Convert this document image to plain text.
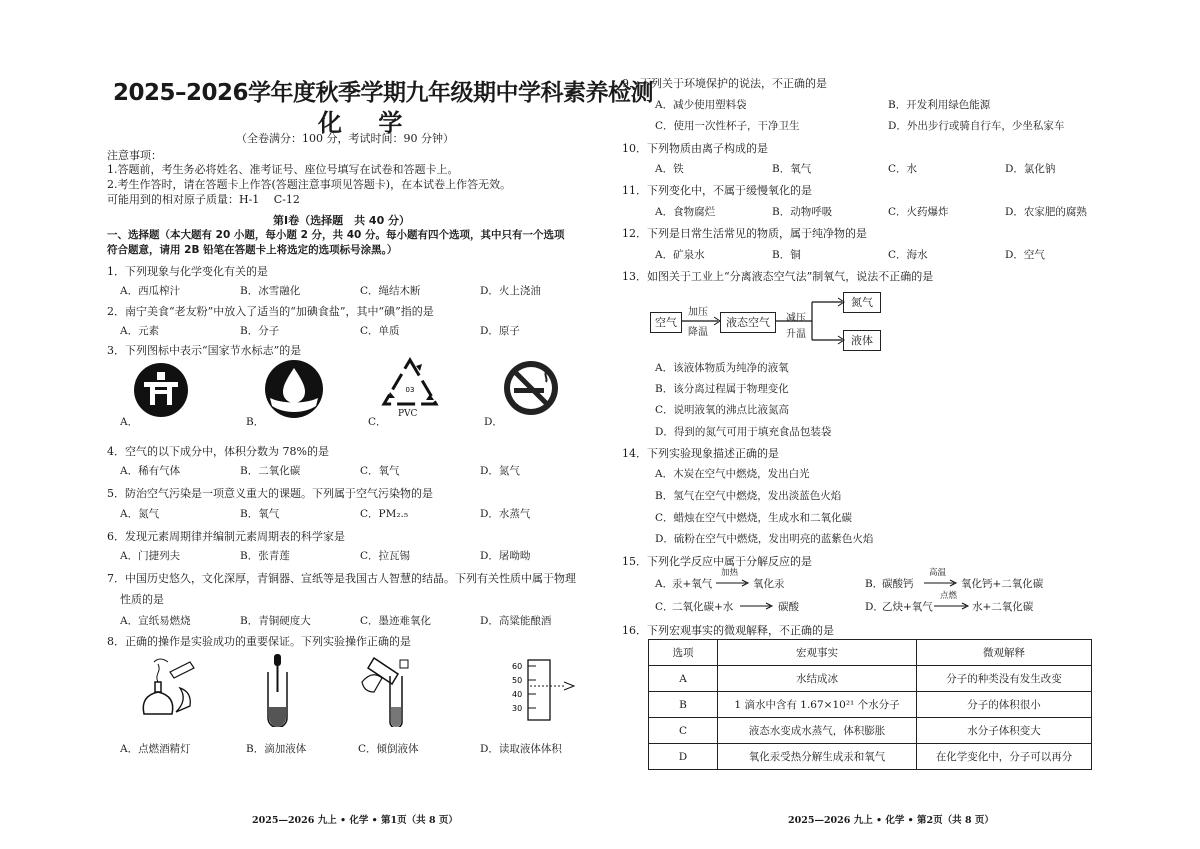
2025–2026学年度秋季学期九年级期中学科素养检测
化 学
（全卷满分：100 分，考试时间：90 分钟）
注意事项：
1.答题前，考生务必将姓名、准考证号、座位号填写在试卷和答题卡上。
2.考生作答时，请在答题卡上作答(答题注意事项见答题卡)，在本试卷上作答无效。
可能用到的相对原子质量：H-1　 C-12
第Ⅰ卷（选择题　共 40 分）
一、选择题（本大题有 20 小题，每小题 2 分，共 40 分。每小题有四个选项，其中只有一个选项
符合题意，请用 2B 铅笔在答题卡上将选定的选项标号涂黑。）
1．下列现象与化学变化有关的是
A．西瓜榨汁	B．冰雪融化	C．绳结木断	D．火上浇油
2．南宁美食“老友粉”中放入了适当的“加碘食盐”，其中“碘”指的是
A．元素	B．分子	C．单质	D．原子
3．下列图标中表示“国家节水标志”的是
A．	B．
03
PVC
C．	D．
4．空气的以下成分中，体积分数为 78%的是
A．稀有气体	B．二氧化碳	C．氧气	D．氮气
5．防治空气污染是一项意义重大的课题。下列属于空气污染物的是
A．氮气	B．氧气	C．PM₂.₅	D．水蒸气
6．发现元素周期律并编制元素周期表的科学家是
A．门捷列夫	B．张青莲	C．拉瓦锡	D．屠呦呦
7．中国历史悠久，文化深厚，青铜器、宣纸等是我国古人智慧的结晶。下列有关性质中属于物理
性质的是
A．宣纸易燃烧	B．青铜硬度大	C．墨迹难氧化	D．高粱能酿酒
8．正确的操作是实验成功的重要保证。下列实验操作正确的是
A．点燃酒精灯	B．滴加液体	C．倾倒液体
60
50
40
30
D．读取液体体积
2025—2026 九上 • 化学 • 第1页（共 8 页）
9．下列关于环境保护的说法，不正确的是
A．减少使用塑料袋	B．开发利用绿色能源
C．使用一次性杯子，干净卫生	D．外出步行或骑自行车，少坐私家车
10．下列物质由离子构成的是
A．铁	B．氧气	C．水	D．氯化钠
11．下列变化中，不属于缓慢氧化的是
A．食物腐烂	B．动物呼吸	C．火药爆炸	D．农家肥的腐熟
12．下列是日常生活常见的物质，属于纯净物的是
A．矿泉水	B．铜	C．海水	D．空气
13．如图关于工业上“分离液态空气法”制氧气，说法不正确的是
空气
加压
降温
液态空气	减压
升温
氮气
液体
A．该液体物质为纯净的液氧
B．该分离过程属于物理变化
C．说明液氧的沸点比液氮高
D．得到的氮气可用于填充食品包装袋
14．下列实验现象描述正确的是
A．木炭在空气中燃烧，发出白光
B．氢气在空气中燃烧，发出淡蓝色火焰
C．蜡烛在空气中燃烧，生成水和二氧化碳
D．硫粉在空气中燃烧，发出明亮的蓝紫色火焰
15．下列化学反应中属于分解反应的是
A．
汞+氧气
加热
氧化汞	B．
碳酸钙
高温
氧化钙+二氧化碳
C．
二氧化碳+水	碳酸	D．
乙炔+氧气
点燃
水+二氧化碳
16．下列宏观事实的微观解释，不正确的是
选项	宏观事实	微观解释
A	水结成冰	分子的种类没有发生改变
B	1 滴水中含有 1.67×10²¹ 个水分子	分子的体积很小
C	液态水变成水蒸气，体积膨胀	水分子体积变大
D	氧化汞受热分解生成汞和氧气	在化学变化中，分子可以再分
2025—2026 九上 • 化学 • 第2页（共 8 页）
